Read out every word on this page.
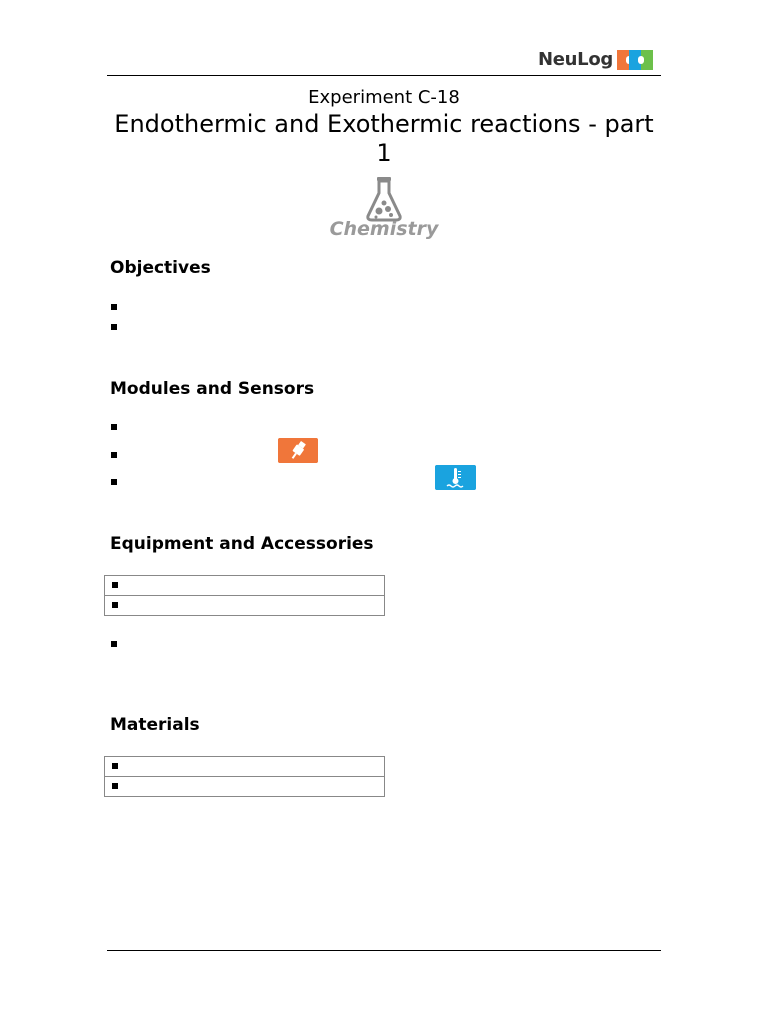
NeuLog
Experiment C-18
Endothermic and Exothermic reactions - part 1
Chemistry
Objectives
Modules and Sensors
Equipment and Accessories
Materials
